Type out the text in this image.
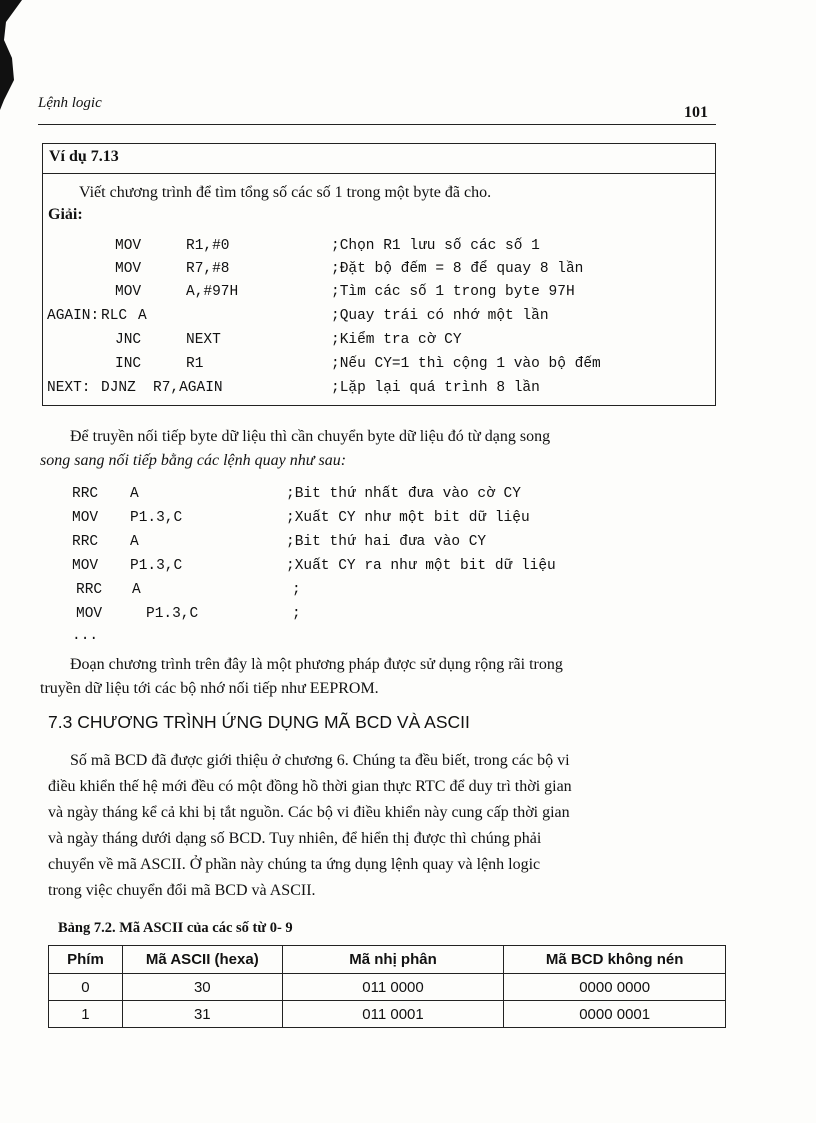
Lệnh logic
101
Ví dụ 7.13
Viết chương trình để tìm tổng số các số 1 trong một byte đã cho.
Giải:
MOV	R1,#0	;Chọn R1 lưu số các số 1
MOV	R7,#8	;Đặt bộ đếm = 8 để quay 8 lần
MOV	A,#97H	;Tìm các số 1 trong byte 97H
AGAIN: RLC A	;Quay trái có nhớ một lần
JNC	NEXT	;Kiểm tra cờ CY
INC	R1	;Nếu CY=1 thì cộng 1 vào bộ đếm
NEXT: DJNZ R7,AGAIN	;Lặp lại quá trình 8 lần
Để truyền nối tiếp byte dữ liệu thì cần chuyển byte dữ liệu đó từ dạng song
song sang nối tiếp bằng các lệnh quay như sau:
RRC A	;Bit thứ nhất đưa vào cờ CY
MOV P1.3,C	;Xuất CY như một bit dữ liệu
RRC A	;Bit thứ hai đưa vào CY
MOV P1.3,C	;Xuất CY ra như một bit dữ liệu
RRC A	;
MOV	P1.3,C	;
...
Đoạn chương trình trên đây là một phương pháp được sử dụng rộng rãi trong
truyền dữ liệu tới các bộ nhớ nối tiếp như EEPROM.
7.3 CHƯƠNG TRÌNH ỨNG DỤNG MÃ BCD VÀ ASCII
Số mã BCD đã được giới thiệu ở chương 6. Chúng ta đều biết, trong các bộ vi
điều khiển thế hệ mới đều có một đồng hồ thời gian thực RTC để duy trì thời gian
và ngày tháng kể cả khi bị tắt nguồn. Các bộ vi điều khiển này cung cấp thời gian
và ngày tháng dưới dạng số BCD. Tuy nhiên, để hiển thị được thì chúng phải
chuyển về mã ASCII. Ở phần này chúng ta ứng dụng lệnh quay và lệnh logic
trong việc chuyển đổi mã BCD và ASCII.
Bảng 7.2. Mã ASCII của các số từ 0- 9
Phím	Mã ASCII (hexa)	Mã nhị phân	Mã BCD không nén
0	30	011 0000	0000 0000
1	31	011 0001	0000 0001
